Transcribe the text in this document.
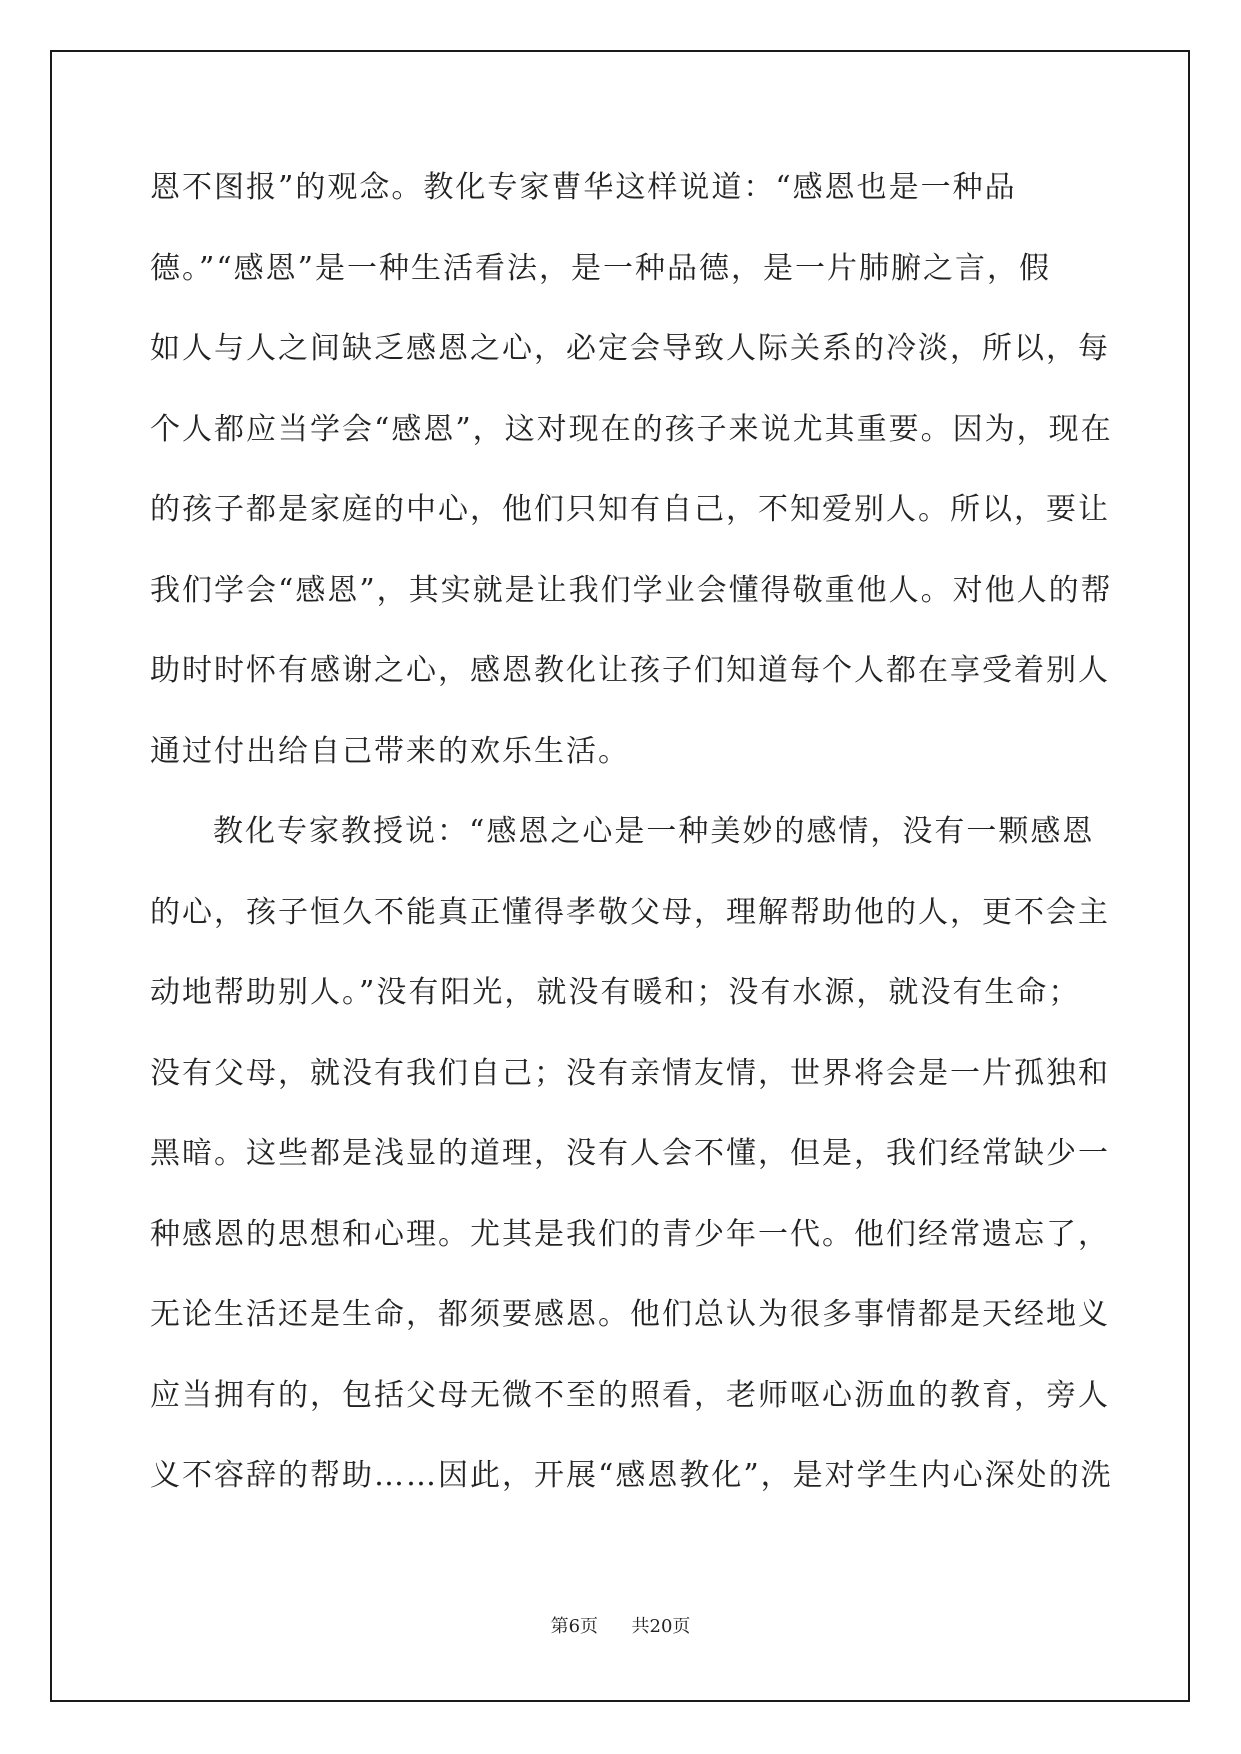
恩不图报”的观念。教化专家曹华这样说道：“感恩也是一种品
德。”“感恩”是一种生活看法，是一种品德，是一片肺腑之言，假
如人与人之间缺乏感恩之心，必定会导致人际关系的冷淡，所以，每
个人都应当学会“感恩”，这对现在的孩子来说尤其重要。因为，现在
的孩子都是家庭的中心，他们只知有自己，不知爱别人。所以，要让
我们学会“感恩”，其实就是让我们学业会懂得敬重他人。对他人的帮
助时时怀有感谢之心，感恩教化让孩子们知道每个人都在享受着别人
通过付出给自己带来的欢乐生活。
教化专家教授说：“感恩之心是一种美妙的感情，没有一颗感恩
的心，孩子恒久不能真正懂得孝敬父母，理解帮助他的人，更不会主
动地帮助别人。”没有阳光，就没有暖和；没有水源，就没有生命；
没有父母，就没有我们自己；没有亲情友情，世界将会是一片孤独和
黑暗。这些都是浅显的道理，没有人会不懂，但是，我们经常缺少一
种感恩的思想和心理。尤其是我们的青少年一代。他们经常遗忘了，
无论生活还是生命，都须要感恩。他们总认为很多事情都是天经地义
应当拥有的，包括父母无微不至的照看，老师呕心沥血的教育，旁人
义不容辞的帮助……因此，开展“感恩教化”，是对学生内心深处的洗
第6页 共20页
